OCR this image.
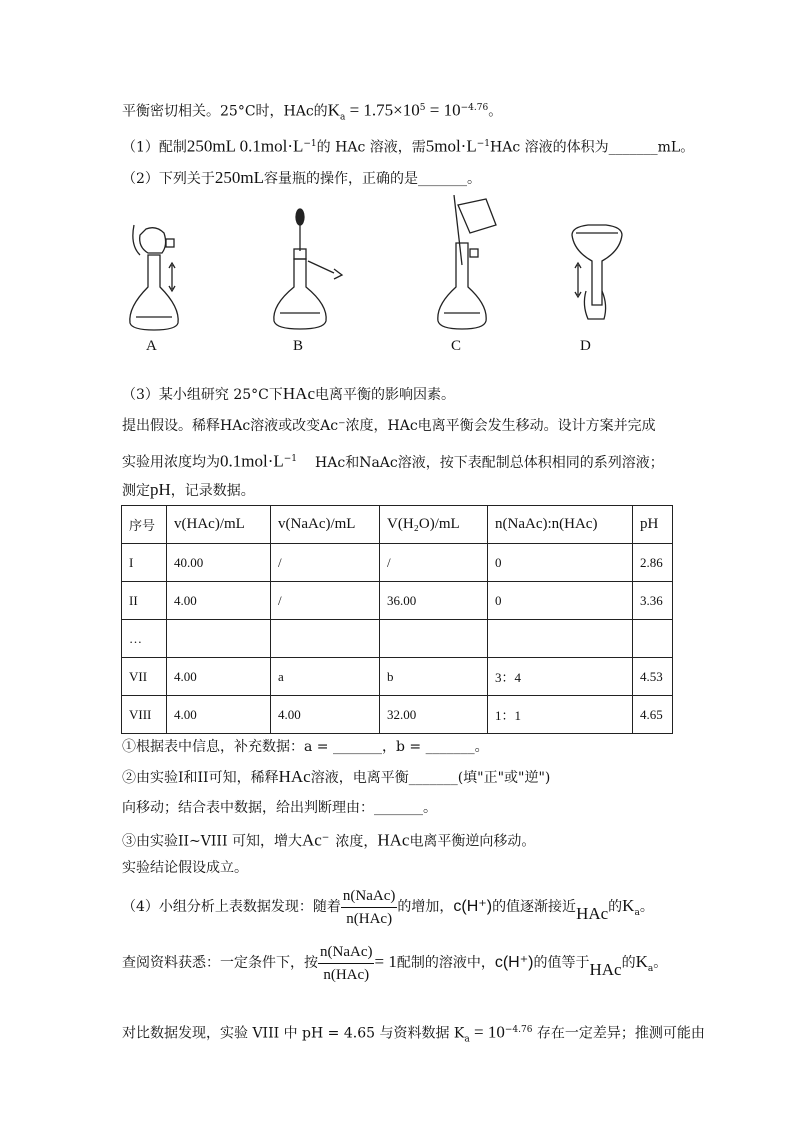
平衡密切相关。25°C时，HAc的$K_a = 1.75\times 10^5 = 10^{-4.76}$。
（1）配制250mL $0.1mol\cdot L^{-1}$的 HAc 溶液，需$5mol\cdot L^{-1}HAc$ 溶液的体积为_______mL。
（2）下列关于250mL容量瓶的操作，正确的是_______。
A	B	C	D
（3）某小组研究 25°C下HAc电离平衡的影响因素。
提出假设。稀释HAc溶液或改变Ac⁻浓度，HAc电离平衡会发生移动。设计方案并完成
实验用浓度均为$0.1mol\cdot L^{-1}$ HAc和NaAc溶液，按下表配制总体积相同的系列溶液；
测定pH，记录数据。
序号	v(HAc)/mL	v(NaAc)/mL	V(H₂O)/mL	n(NaAc):n(HAc)	pH
I	40.00	/	/	0	2.86
II	4.00	/	36.00	0	3.36
…					
VII	4.00	a	b	3：4	4.53
VIII	4.00	4.00	32.00	1：1	4.65
①根据表中信息，补充数据：a = _______，b = _______。
②由实验I和II可知，稀释HAc溶液，电离平衡_______(填"正"或"逆")
向移动；结合表中数据，给出判断理由：_______。
③由实验II~VIII 可知，增大Ac− 浓度，HAc电离平衡逆向移动。
实验结论假设成立。
（4）小组分析上表数据发现：随着 $\frac{\text{n(NaAc)}}{\text{n(HAc)}}$ 的增加，c(H⁺)的值逐渐接近HAc的$K_a$。
查阅资料获悉：一定条件下，按 $\frac{\text{n(NaAc)}}{\text{n(HAc)}} = 1$配制的溶液中，c(H⁺)的值等于HAc的$K_a$。
对比数据发现，实验 VIII 中 pH = 4.65 与资料数据 $K_a = 10^{-4.76}$ 存在一定差异；推测可能由
